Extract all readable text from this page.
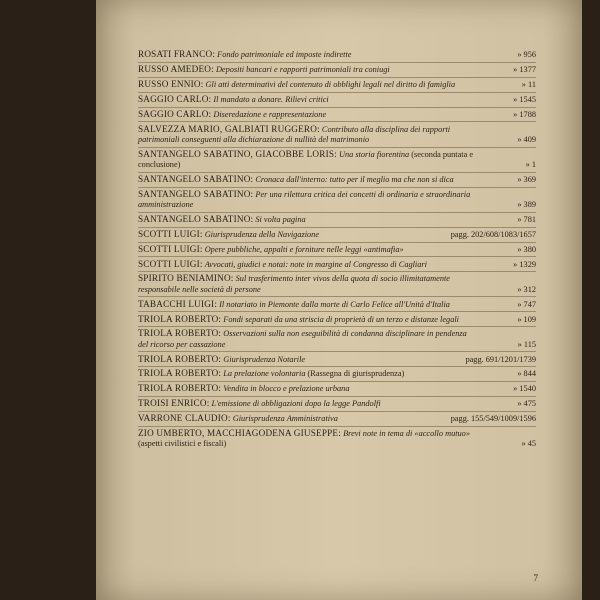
ROSATI FRANCO: Fondo patrimoniale ed imposte indirette	» 956
RUSSO AMEDEO: Depositi bancari e rapporti patrimoniali tra coniugi	» 1377
RUSSO ENNIO: Gli atti determinativi del contenuto di obblighi legali nel diritto di famiglia	» 11
SAGGIO CARLO: Il mandato a donare. Rilievi critici	» 1545
SAGGIO CARLO: Diseredazione e rappresentazione	» 1788
SALVEZZA MARIO, GALBIATI RUGGERO: Contributo alla disciplina dei rapporti patrimoniali conseguenti alla dichiarazione di nullità del matrimonio	» 409
SANTANGELO SABATINO, GIACOBBE LORIS: Una storia fiorentina (seconda puntata e conclusione)	» 1
SANTANGELO SABATINO: Cronaca dall'interno: tutto per il meglio ma che non si dica	» 369
SANTANGELO SABATINO: Per una rilettura critica dei concetti di ordinaria e straordinaria amministrazione	» 389
SANTANGELO SABATINO: Si volta pagina	» 781
SCOTTI LUIGI: Giurisprudenza della Navigazione	pagg. 202/608/1083/1657
SCOTTI LUIGI: Opere pubbliche, appalti e forniture nelle leggi «antimafia»	» 380
SCOTTI LUIGI: Avvocati, giudici e notai: note in margine al Congresso di Cagliari	» 1329
SPIRITO BENIAMINO: Sul trasferimento inter vivos della quota di socio illimitatamente responsabile nelle società di persone	» 312
TABACCHI LUIGI: Il notariato in Piemonte dalla morte di Carlo Felice all'Unità d'Italia	» 747
TRIOLA ROBERTO: Fondi separati da una striscia di proprietà di un terzo e distanze legali	» 109
TRIOLA ROBERTO: Osservazioni sulla non eseguibilità di condanna disciplinare in pendenza del ricorso per cassazione	» 115
TRIOLA ROBERTO: Giurisprudenza Notarile	pagg. 691/1201/1739
TRIOLA ROBERTO: La prelazione volontaria (Rassegna di giurisprudenza)	» 844
TRIOLA ROBERTO: Vendita in blocco e prelazione urbana	» 1540
TROISI ENRICO: L'emissione di obbligazioni dopo la legge Pandolfi	» 475
VARRONE CLAUDIO: Giurisprudenza Amministrativa	pagg. 155/549/1009/1596
ZIO UMBERTO, MACCHIAGODENA GIUSEPPE: Brevi note in tema di «accollo mutuo» (aspetti civilistici e fiscali)	» 45
7
